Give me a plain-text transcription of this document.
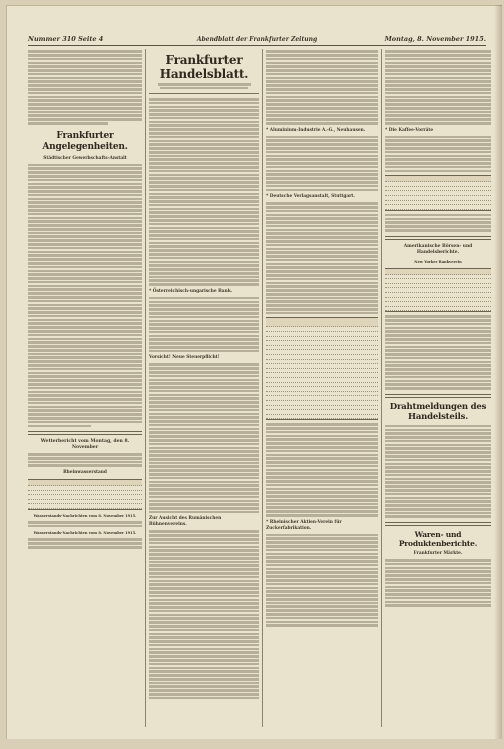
Nummer 310 Seite 4	Abendblatt der Frankfurter Zeitung	Montag, 8. November 1915.
Frankfurter Angelegenheiten.
Städtischer Gewerbschafts-Anstalt
Wetterbericht vom Montag, den 8. November
Rheinwasserstand
Wasserstands-Nachrichten vom 8. November 1915.
Wasserstands-Nachrichten vom 8. November 1915.
Frankfurter Handelsblatt.
* Österreichisch-ungarische Bank.
Vorsicht! Neue Steuerpflicht!
Zur Ausicht des Rumänischen Bühnenvereins.
* Aluminium-Industrie A.-G., Neuhausen.
* Deutsche Verlagsanstalt, Stuttgart.
* Rheinischer Aktien-Verein für Zuckerfabrikation.
* Die Kaffee-Vorräte
Amerikanische Börsen- und Handelsberichte.
New Yorker Bankverein
Drahtmeldungen des Handelsteils.
Waren- und Produktenberichte.
Frankfurter Märkte.
